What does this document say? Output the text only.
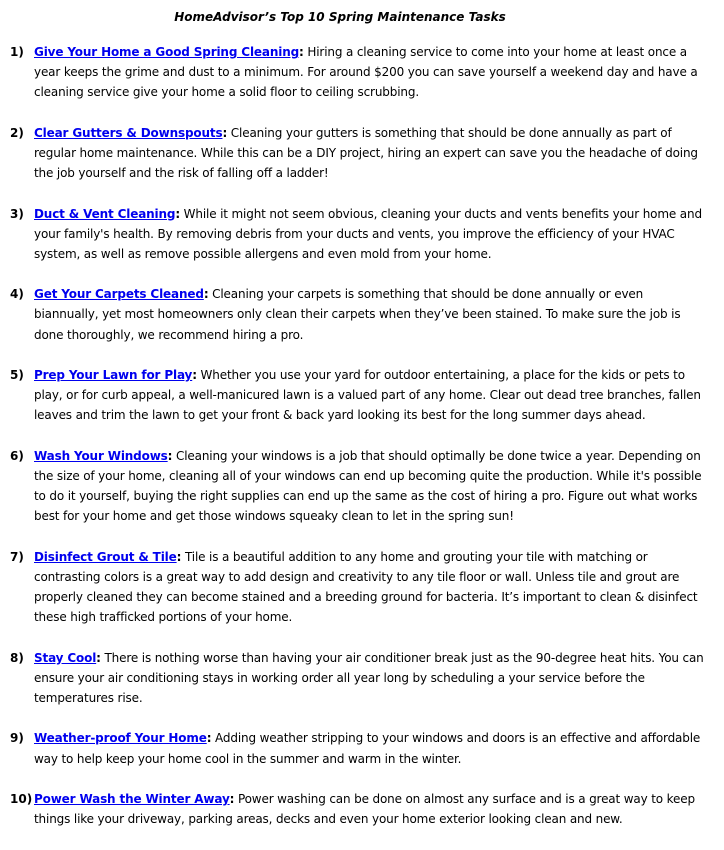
HomeAdvisor’s Top 10 Spring Maintenance Tasks
1) Give Your Home a Good Spring Cleaning: Hiring a cleaning service to come into your home at least once a year keeps the grime and dust to a minimum. For around $200 you can save yourself a weekend day and have a cleaning service give your home a solid floor to ceiling scrubbing.
2) Clear Gutters & Downspouts: Cleaning your gutters is something that should be done annually as part of regular home maintenance. While this can be a DIY project, hiring an expert can save you the headache of doing the job yourself and the risk of falling off a ladder!
3) Duct & Vent Cleaning: While it might not seem obvious, cleaning your ducts and vents benefits your home and your family's health. By removing debris from your ducts and vents, you improve the efficiency of your HVAC system, as well as remove possible allergens and even mold from your home.
4) Get Your Carpets Cleaned: Cleaning your carpets is something that should be done annually or even biannually, yet most homeowners only clean their carpets when they’ve been stained. To make sure the job is done thoroughly, we recommend hiring a pro.
5) Prep Your Lawn for Play: Whether you use your yard for outdoor entertaining, a place for the kids or pets to play, or for curb appeal, a well-manicured lawn is a valued part of any home. Clear out dead tree branches, fallen leaves and trim the lawn to get your front & back yard looking its best for the long summer days ahead.
6) Wash Your Windows: Cleaning your windows is a job that should optimally be done twice a year. Depending on the size of your home, cleaning all of your windows can end up becoming quite the production. While it's possible to do it yourself, buying the right supplies can end up the same as the cost of hiring a pro. Figure out what works best for your home and get those windows squeaky clean to let in the spring sun!
7) Disinfect Grout & Tile: Tile is a beautiful addition to any home and grouting your tile with matching or contrasting colors is a great way to add design and creativity to any tile floor or wall. Unless tile and grout are properly cleaned they can become stained and a breeding ground for bacteria. It’s important to clean & disinfect these high trafficked portions of your home.
8) Stay Cool: There is nothing worse than having your air conditioner break just as the 90-degree heat hits. You can ensure your air conditioning stays in working order all year long by scheduling a your service before the temperatures rise.
9) Weather-proof Your Home: Adding weather stripping to your windows and doors is an effective and affordable way to help keep your home cool in the summer and warm in the winter.
10) Power Wash the Winter Away: Power washing can be done on almost any surface and is a great way to keep things like your driveway, parking areas, decks and even your home exterior looking clean and new.
